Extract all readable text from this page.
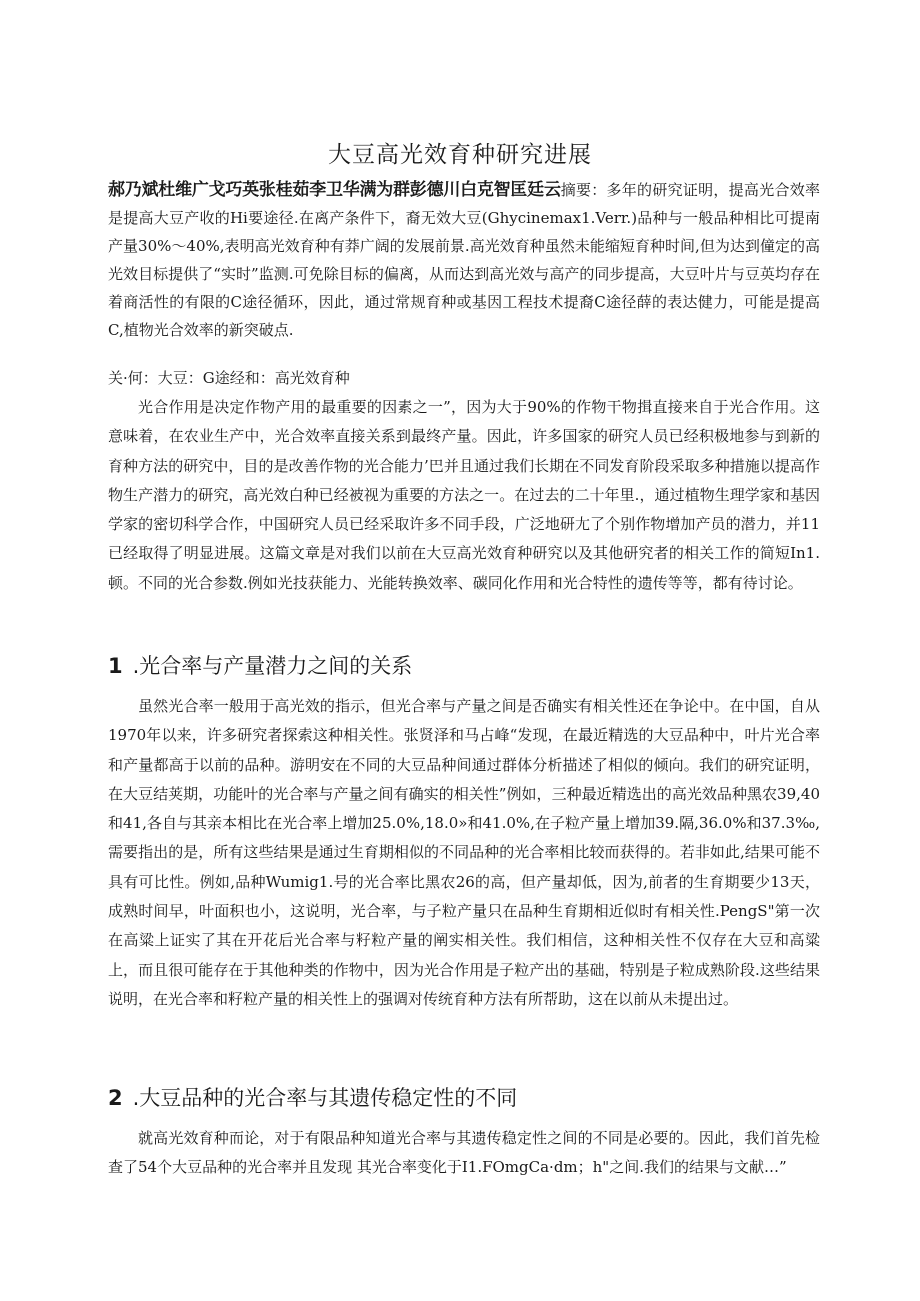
大豆高光效育种研究进展
郝乃斌杜维广戈巧英张桂茹李卫华满为群彭德川白克智匡廷云摘要：多年的研究证明，提高光合效率是提高大豆产收的Hi要途径.在离产条件下，裔无效大豆(Ghycinemax1.Verr.)品种与一般品种相比可提南产量30%～40%,表明高光效育种有莽广阔的发展前景.高光效育种虽然未能缩短育种时间,但为达到僮定的高光效目标提供了“实时”监测.可免除目标的偏离，从而达到高光效与高产的同步提高，大豆叶片与豆英均存在着商活性的有限的C途径循环，因此，通过常规育种或基因工程技术提裔C途径薛的表达健力，可能是提高C,植物光合效率的新突破点.
关·何：大豆：G途经和：高光效育种

光合作用是决定作物产用的最重要的因素之一”，因为大于90%的作物干物揖直接来自于光合作用。这意味着，在农业生产中，光合效率直接关系到最终产量。因此，许多国家的研究人员已经积极地参与到新的育种方法的研究中，目的是改善作物的光合能力’巴并且通过我们长期在不同发育阶段采取多种措施以提高作物生产潜力的研究，高光效白种已经被视为重要的方法之一。在过去的二十年里.，通过植物生理学家和基因学家的密切科学合作，中国研究人员已经采取许多不同手段，广泛地研尢了个别作物增加产员的潜力，并11已经取得了明显进展。这篇文章是对我们以前在大豆高光效育种研究以及其他研究者的相关工作的简短In1.顿。不同的光合参数.例如光技获能力、光能转换效率、碳同化作用和光合特性的遗传等等，都有待讨论。

1 .光合率与产量潜力之间的关系

虽然光合率一般用于高光效的指示，但光合率与产量之间是否确实有相关性还在争论中。在中国，自从1970年以来，许多研究者探索这种相关性。张贤泽和马占峰“发现，在最近精选的大豆品种中，叶片光合率和产量都高于以前的品种。游明安在不同的大豆品种间通过群体分析描述了相似的倾向。我们的研究证明，在大豆结荚期，功能叶的光合率与产量之间有确实的相关性”例如，三种最近精选出的高光效品种黑农39,40和41,各自与其亲本相比在光合率上增加25.0%,18.0»和41.0%,在子粒产量上增加39.隔,36.0%和37.3‰,需要指出的是，所有这些结果是通过生育期相似的不同品种的光合率相比较而获得的。若非如此,结果可能不具有可比性。例如,品种Wumig1.号的光合率比黑农26的高，但产量却低，因为,前者的生育期要少13天，成熟时间早，叶面积也小，这说明，光合率，与子粒产量只在品种生育期相近似时有相关性.PengS"第一次在高粱上证实了其在开花后光合率与籽粒产量的阐实相关性。我们相信，这种相关性不仅存在大豆和高粱上，而且很可能存在于其他种类的作物中，因为光合作用是子粒产出的基础，特别是子粒成熟阶段.这些结果说明，在光合率和籽粒产量的相关性上的强调对传统育种方法有所帮助，这在以前从未提出过。

2 .大豆品种的光合率与其遗传稳定性的不同

就高光效育种而论，对于有限品种知道光合率与其遗传稳定性之间的不同是必要的。因此，我们首先检查了54个大豆品种的光合率并且发现 其光合率变化于I1.FOmgCa·dm；h"之间.我们的结果与文献…”
